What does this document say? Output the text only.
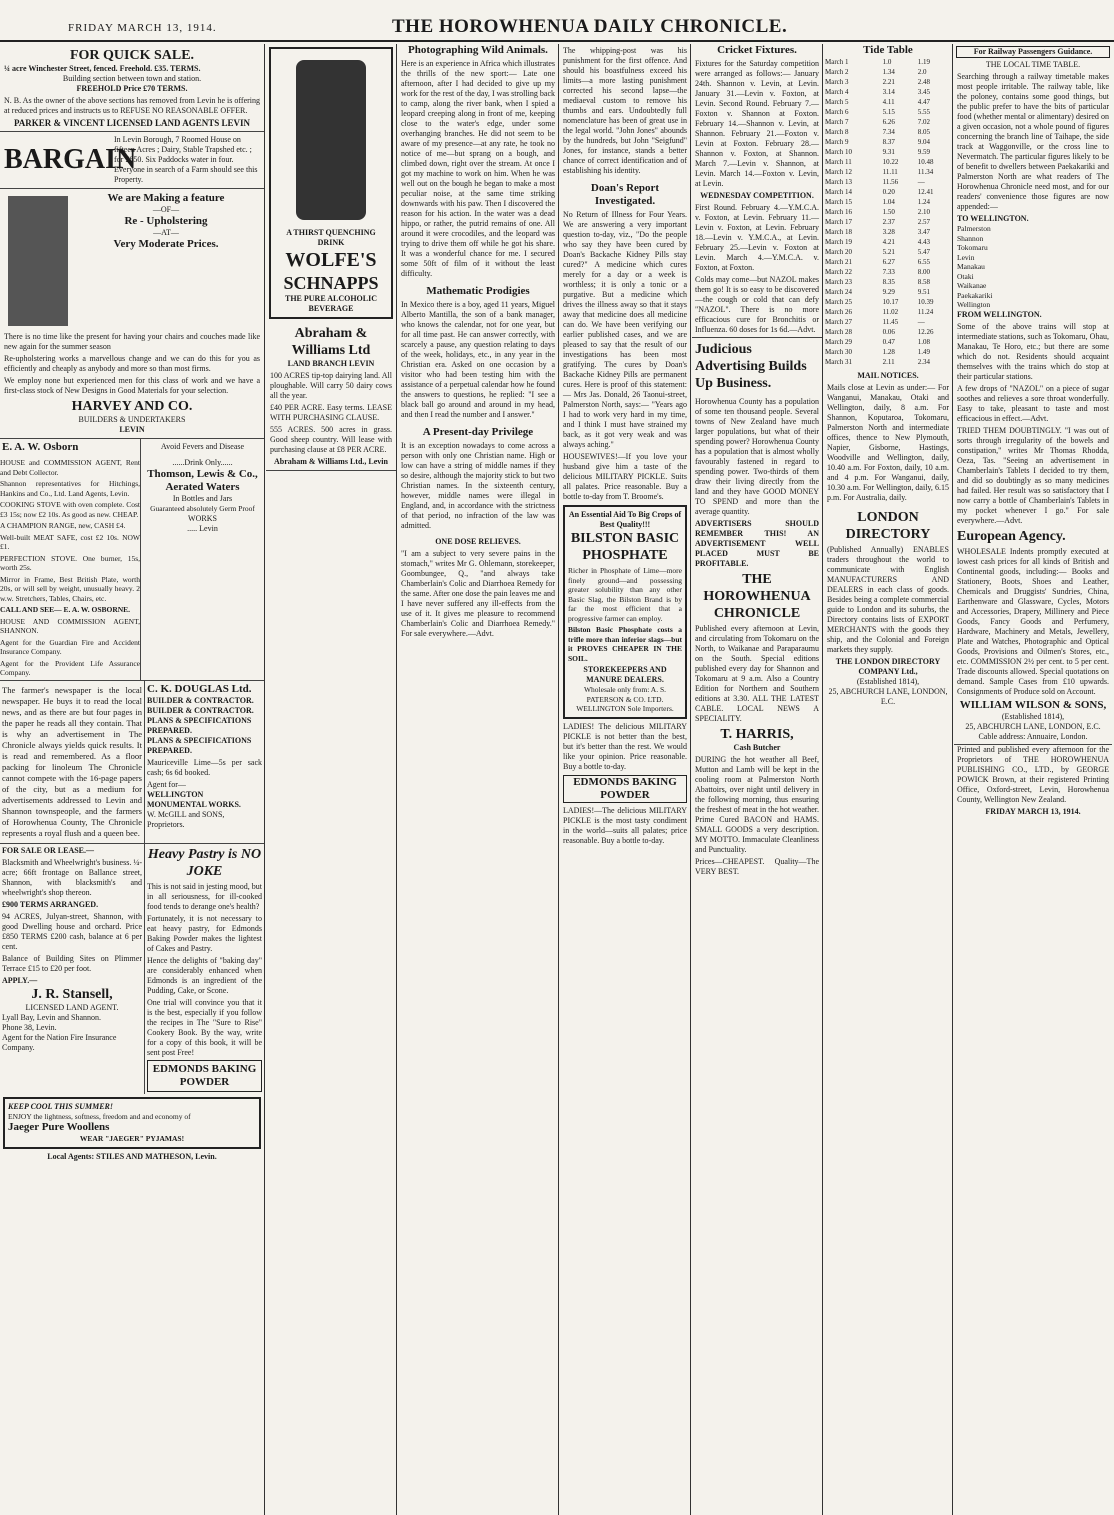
FRIDAY MARCH 13, 1914.	THE HOROWHENUA DAILY CHRONICLE.
FOR QUICK SALE.
¼ acre Winchester Street, fenced. Freehold. £35. TERMS.
Building section between town and station.
FREEHOLD Price £70 TERMS.
N. B. As the owner of the above sections has removed from Levin he is offering at reduced prices and instructs us to REFUSE NO REASONABLE OFFER.
PARKER & VINCENT LICENSED LAND AGENTS LEVIN
BARGAIN
In Levin Borough, 7 Roomed House on fifteen Acres ; Dairy, Stable Trapshed etc. ; for £850. Six Paddocks water in four. Everyone in search of a Farm should see this Property.
We are Making a feature
—OF—
Re - Upholstering
—AT—
Very Moderate Prices.
There is no time like the present for having your chairs and couches made like new again for the summer season
Re-upholstering works a marvellous change and we can do this for you as efficiently and cheaply as anybody and more so than most firms.
We employ none but experienced men for this class of work and we have a first-class stock of New Designs in Good Materials for your selection.
HARVEY AND CO.
BUILDERS & UNDERTAKERS
LEVIN
E. A. W. Osborn
HOUSE and COMMISSION AGENT, Rent and Debt Collector.
Shannon representatives for Hitchings, Hankins and Co., Ltd. Land Agents, Levin.
COOKING STOVE with oven complete. Cost £3 15s; now £2 10s. As good as new. CHEAP.
A CHAMPION RANGE, new, CASH £4.
Well-built MEAT SAFE, cost £2 10s. NOW £1.
PERFECTION STOVE. One burner, 15s, worth 25s.
Mirror in Frame, Best British Plate, worth 20s, or will sell by weight, unusually heavy. 2 w.w. Stretchers, Tables, Chairs, etc.
CALL AND SEE— E. A. W. OSBORNE.
HOUSE AND COMMISSION AGENT, SHANNON.
Agent for the Guardian Fire and Accident Insurance Company.
Agent for the Provident Life Assurance Company.
Avoid Fevers and Disease
......Drink Only......
Thomson, Lewis & Co.,
Aerated Waters
In Bottles and Jars
Guaranteed absolutely Germ Proof
WORKS
..... Levin
The farmer's newspaper is the local newspaper. He buys it to read the local news, and as there are but four pages in the paper he reads all they contain. That is why an advertisement in The Chronicle always yields quick results. It is read and remembered. As a floor packing for linoleum The Chronicle cannot compete with the 16-page papers of the city, but as a medium for advertisements addressed to Levin and Shannon townspeople, and the farmers of Horowhenua County, The Chronicle represents a royal flush and a queen bee.
C. K. DOUGLAS Ltd.
BUILDER & CONTRACTOR.
BUILDER & CONTRACTOR.
PLANS & SPECIFICATIONS PREPARED.
PLANS & SPECIFICATIONS PREPARED.
Mauriceville Lime—5s per sack cash; 6s 6d booked.
Agent for—
WELLINGTON MONUMENTAL WORKS.
W. McGILL and SONS, Proprietors.
FOR SALE OR LEASE.—
Blacksmith and Wheelwright's business. ¼-acre; 66ft frontage on Ballance street, Shannon, with blacksmith's and wheelwright's shop thereon.
£900 TERMS ARRANGED.
94 ACRES, Julyan-street, Shannon, with good Dwelling house and orchard. Price £850 TERMS £200 cash, balance at 6 per cent.
Balance of Building Sites on Plimmer Terrace £15 to £20 per foot.
APPLY.—
J. R. Stansell,
LICENSED LAND AGENT.
Lyall Bay, Levin and Shannon.
Phone 38, Levin.
Agent for the Nation Fire Insurance Company.
Heavy Pastry is NO JOKE
This is not said in jesting mood, but in all seriousness, for ill-cooked food tends to derange one's health?
Fortunately, it is not necessary to eat heavy pastry, for Edmonds Baking Powder makes the lightest of Cakes and Pastry.
Hence the delights of "baking day" are considerably enhanced when Edmonds is an ingredient of the Pudding, Cake, or Scone.
One trial will convince you that it is the best, especially if you follow the recipes in The "Sure to Rise" Cookery Book. By the way, write for a copy of this book, it will be sent post Free!
EDMONDS BAKING POWDER
KEEP COOL THIS SUMMER!
ENJOY the lightness, softness, freedom and and economy of
Jaeger Pure Woollens
WEAR "JAEGER" PYJAMAS!
Local Agents: STILES AND MATHESON, Levin.
A THIRST QUENCHING DRINK
WOLFE'S
SCHNAPPS
THE PURE ALCOHOLIC BEVERAGE
Abraham & Williams Ltd
LAND BRANCH LEVIN
100 ACRES tip-top dairying land. All ploughable. Will carry 50 dairy cows all the year.
£40 PER ACRE. Easy terms. LEASE WITH PURCHASING CLAUSE.
555 ACRES. 500 acres in grass. Good sheep country. Will lease with purchasing clause at £8 PER ACRE.
Abraham & Williams Ltd., Levin
Photographing Wild Animals.
Here is an experience in Africa which illustrates the thrills of the new sport:— Late one afternoon, after I had decided to give up my work for the rest of the day, I was strolling back to camp, along the river bank, when I spied a leopard creeping along in front of me, keeping close to the water's edge, under some overhanging branches. He did not seem to be aware of my presence—at any rate, he took no notice of me—but sprang on a bough, and climbed down, right over the stream. At once I got my machine to work on him. When he was well out on the bough he began to make a most peculiar noise, at the same time striking downwards with his paw. Then I discovered the reason for his action. In the water was a dead hippo, or rather, the putrid remains of one. All around it were crocodiles, and the leopard was trying to drive them off while he got his share. It was a wonderful chance for me. I secured some 50ft of film of it without the least difficulty.
Mathematic Prodigies
In Mexico there is a boy, aged 11 years, Miguel Alberto Mantilla, the son of a bank manager, who knows the calendar, not for one year, but for all time past. He can answer correctly, with scarcely a pause, any question relating to days of the week, holidays, etc., in any year in the Christian era. Asked on one occasion by a visitor who had been testing him with the assistance of a perpetual calendar how he found the answers to questions, he replied: "I see a black ball go around and around in my head, and then I read the number and I answer."
A Present-day Privilege
It is an exception nowadays to come across a person with only one Christian name. High or low can have a string of middle names if they so desire, although the majority stick to but two Christian names. In the sixteenth century, however, middle names were illegal in England, and, in accordance with the strictness of that period, no infraction of the law was admitted.
ONE DOSE RELIEVES.
"I am a subject to very severe pains in the stomach," writes Mr G. Ohlemann, storekeeper, Goombungee, Q., "and always take Chamberlain's Colic and Diarrhoea Remedy for the same. After one dose the pain leaves me and I have never suffered any ill-effects from the use of it. It gives me pleasure to recommend Chamberlain's Colic and Diarrhoea Remedy." For sale everywhere.—Advt.
The whipping-post was his punishment for the first offence. And should his boastfulness exceed his limits—a more lasting punishment corrected his second lapse—the mediaeval custom to remove his thumbs and ears. Undoubtedly full nomenclature has been of great use in the legal world. "John Jones" abounds by the hundreds, but John "Seigfund" Jones, for instance, stands a better chance of correct identification and of establishing his identity.
Doan's Report Investigated.
No Return of Illness for Four Years. We are answering a very important question to-day, viz., "Do the people who say they have been cured by Doan's Backache Kidney Pills stay cured?" A medicine which cures merely for a day or a week is worthless; it is only a tonic or a purgative. But a medicine which drives the illness away so that it stays away that medicine does all medicine can do. We have been verifying our earlier published cases, and we are pleased to say that the result of our investigations has been most gratifying. The cures by Doan's Backache Kidney Pills are permanent cures. Here is proof of this statement:— Mrs Jas. Donald, 26 Taonui-street, Palmerston North, says:— "Years ago I had to work very hard in my time, and I think I must have strained my back, as it got very weak and was always aching."
HOUSEWIVES!—If you love your husband give him a taste of the delicious MILITARY PICKLE. Suits all palates. Price reasonable. Buy a bottle to-day from T. Broome's.
An Essential Aid To Big Crops of Best Quality!!!
BILSTON BASIC PHOSPHATE
Richer in Phosphate of Lime—more finely ground—and possessing greater solubility than any other Basic Slag, the Bilston Brand is by far the most efficient that a progressive farmer can employ.
Bilston Basic Phosphate costs a trifle more than inferior slags—but it PROVES CHEAPER IN THE SOIL.
STOREKEEPERS AND MANURE DEALERS.
Wholesale only from: A. S. PATERSON & CO. LTD. WELLINGTON Sole Importers.
LADIES! The delicious MILITARY PICKLE is not better than the best, but it's better than the rest. We would like your opinion. Price reasonable. Buy a bottle to-day.
EDMONDS BAKING POWDER
LADIES!—The delicious MILITARY PICKLE is the most tasty condiment in the world—suits all palates; price reasonable. Buy a bottle to-day.
Cricket Fixtures.
Fixtures for the Saturday competition were arranged as follows:— January 24th. Shannon v. Levin, at Levin. January 31.—Levin v. Foxton, at Levin. Second Round. February 7.—Foxton v. Shannon at Foxton. February 14.—Shannon v. Levin, at Shannon. February 21.—Foxton v. Levin at Foxton. February 28.—Shannon v. Foxton, at Shannon. March 7.—Levin v. Shannon, at Levin. March 14.—Foxton v. Levin, at Levin.
WEDNESDAY COMPETITION.
First Round. February 4.—Y.M.C.A. v. Foxton, at Levin. February 11.—Levin v. Foxton, at Levin. February 18.—Levin v. Y.M.C.A., at Levin. February 25.—Levin v. Foxton at Levin. March 4.—Y.M.C.A. v. Foxton, at Foxton.
Colds may come—but NAZOL makes them go! It is so easy to be discovered—the cough or cold that can defy "NAZOL". There is no more efficacious cure for Bronchitis or Influenza. 60 doses for 1s 6d.—Advt.
Judicious Advertising Builds Up Business.
Horowhenua County has a population of some ten thousand people. Several towns of New Zealand have much larger populations, but what of their spending power? Horowhenua County has a population that is almost wholly favourably fastened in regard to spending power. Two-thirds of them draw their living directly from the land and they have GOOD MONEY TO SPEND and more than the average quantity.
ADVERTISERS SHOULD REMEMBER THIS! AN ADVERTISEMENT WELL PLACED MUST BE PROFITABLE.
THE HOROWHENUA CHRONICLE
Published every afternoon at Levin, and circulating from Tokomaru on the North, to Waikanae and Paraparaumu on the South. Special editions published every day for Shannon and Tokomaru at 9 a.m. Also a Country Edition for Northern and Southern editions at 3.30. ALL THE LATEST CABLE. LOCAL NEWS A SPECIALITY.
T. HARRIS,
Cash Butcher
DURING the hot weather all Beef, Mutton and Lamb will be kept in the cooling room at Palmerston North Abattoirs, over night until delivery in the following morning, thus ensuring the freshest of meat in the hot weather. Prime Cured BACON and HAMS. SMALL GOODS a very description. MY MOTTO. Immaculate Cleanliness and Punctuality.
Prices—CHEAPEST. Quality—The VERY BEST.
Tide Table
March 1	1.0	1.19
March 2	1.34	2.0
March 3	2.21	2.48
March 4	3.14	3.45
March 5	4.11	4.47
March 6	5.15	5.55
March 7	6.26	7.02
March 8	7.34	8.05
March 9	8.37	9.04
March 10	9.31	9.59
March 11	10.22	10.48
March 12	11.11	11.34
March 13	11.56	—
March 14	0.20	12.41
March 15	1.04	1.24
March 16	1.50	2.10
March 17	2.37	2.57
March 18	3.28	3.47
March 19	4.21	4.43
March 20	5.21	5.47
March 21	6.27	6.55
March 22	7.33	8.00
March 23	8.35	8.58
March 24	9.29	9.51
March 25	10.17	10.39
March 26	11.02	11.24
March 27	11.45	—
March 28	0.06	12.26
March 29	0.47	1.08
March 30	1.28	1.49
March 31	2.11	2.34
MAIL NOTICES.
Mails close at Levin as under:— For Wanganui, Manakau, Otaki and Wellington, daily, 8 a.m. For Shannon, Koputaroa, Tokomaru, Palmerston North and intermediate offices, thence to New Plymouth, Napier, Gisborne, Hastings, Woodville and Wellington, daily, 10.40 a.m. For Foxton, daily, 10 a.m. and 4 p.m. For Wanganui, daily, 10.30 a.m. For Wellington, daily, 6.15 p.m. For Australia, daily.
LONDON DIRECTORY
(Published Annually) ENABLES traders throughout the world to communicate with English MANUFACTURERS AND DEALERS in each class of goods. Besides being a complete commercial guide to London and its suburbs, the Directory contains lists of EXPORT MERCHANTS with the goods they ship, and the Colonial and Foreign markets they supply.
THE LONDON DIRECTORY COMPANY Ltd.,
(Established 1814),
25, ABCHURCH LANE, LONDON, E.C.
For Railway Passengers Guidance.
THE LOCAL TIME TABLE.
Searching through a railway timetable makes most people irritable. The railway table, like the poloney, contains some good things, but the public prefer to have the bits of particular food (whether mental or alimentary) desired on a given occasion, not a whole pound of figures concerning the branch line of Taihape, the side track at Waggonville, or the cross line to Nevermatch. The particular figures likely to be of benefit to dwellers between Paekakariki and Palmerston North are what readers of The Horowhenua Chronicle need most, and for our readers' convenience those figures are now appended:—
TO WELLINGTON.
Palmerston
Shannon
Tokomaru
Levin
Manakau
Otaki
Waikanae
Paekakariki
Wellington
FROM WELLINGTON.
Some of the above trains will stop at intermediate stations, such as Tokomaru, Ohau, Manakau, Te Horo, etc.; but there are some which do not. Residents should acquaint themselves with the trains which do stop at their particular stations.
A few drops of "NAZOL" on a piece of sugar soothes and relieves a sore throat wonderfully. Easy to take, pleasant to taste and most efficacious in effect.—Advt.
TRIED THEM DOUBTINGLY. "I was out of sorts through irregularity of the bowels and constipation," writes Mr Thomas Rhodda, Oeza, Tas. "Seeing an advertisement in Chamberlain's Tablets I decided to try them, and did so doubtingly as so many medicines had failed. Her result was so satisfactory that I now carry a bottle of Chamberlain's Tablets in my pocket whenever I go." For sale everywhere.—Advt.
European Agency.
WHOLESALE Indents promptly executed at lowest cash prices for all kinds of British and Continental goods, including:— Books and Stationery, Boots, Shoes and Leather, Chemicals and Druggists' Sundries, China, Earthenware and Glassware, Cycles, Motors and Accessories, Drapery, Millinery and Piece Goods, Fancy Goods and Perfumery, Hardware, Machinery and Metals, Jewellery, Plate and Watches, Photographic and Optical Goods, Provisions and Oilmen's Stores, etc., etc. COMMISSION 2½ per cent. to 5 per cent. Trade discounts allowed. Special quotations on demand. Sample Cases from £10 upwards. Consignments of Produce sold on Account.
WILLIAM WILSON & SONS,
(Established 1814),
25, ABCHURCH LANE, LONDON, E.C.
Cable address: Annuaire, London.
Printed and published every afternoon for the Proprietors of THE HOROWHENUA PUBLISHING CO., LTD., by GEORGE POWICK Brown, at their registered Printing Office, Oxford-street, Levin, Horowhenua County, Wellington New Zealand.
FRIDAY MARCH 13, 1914.
